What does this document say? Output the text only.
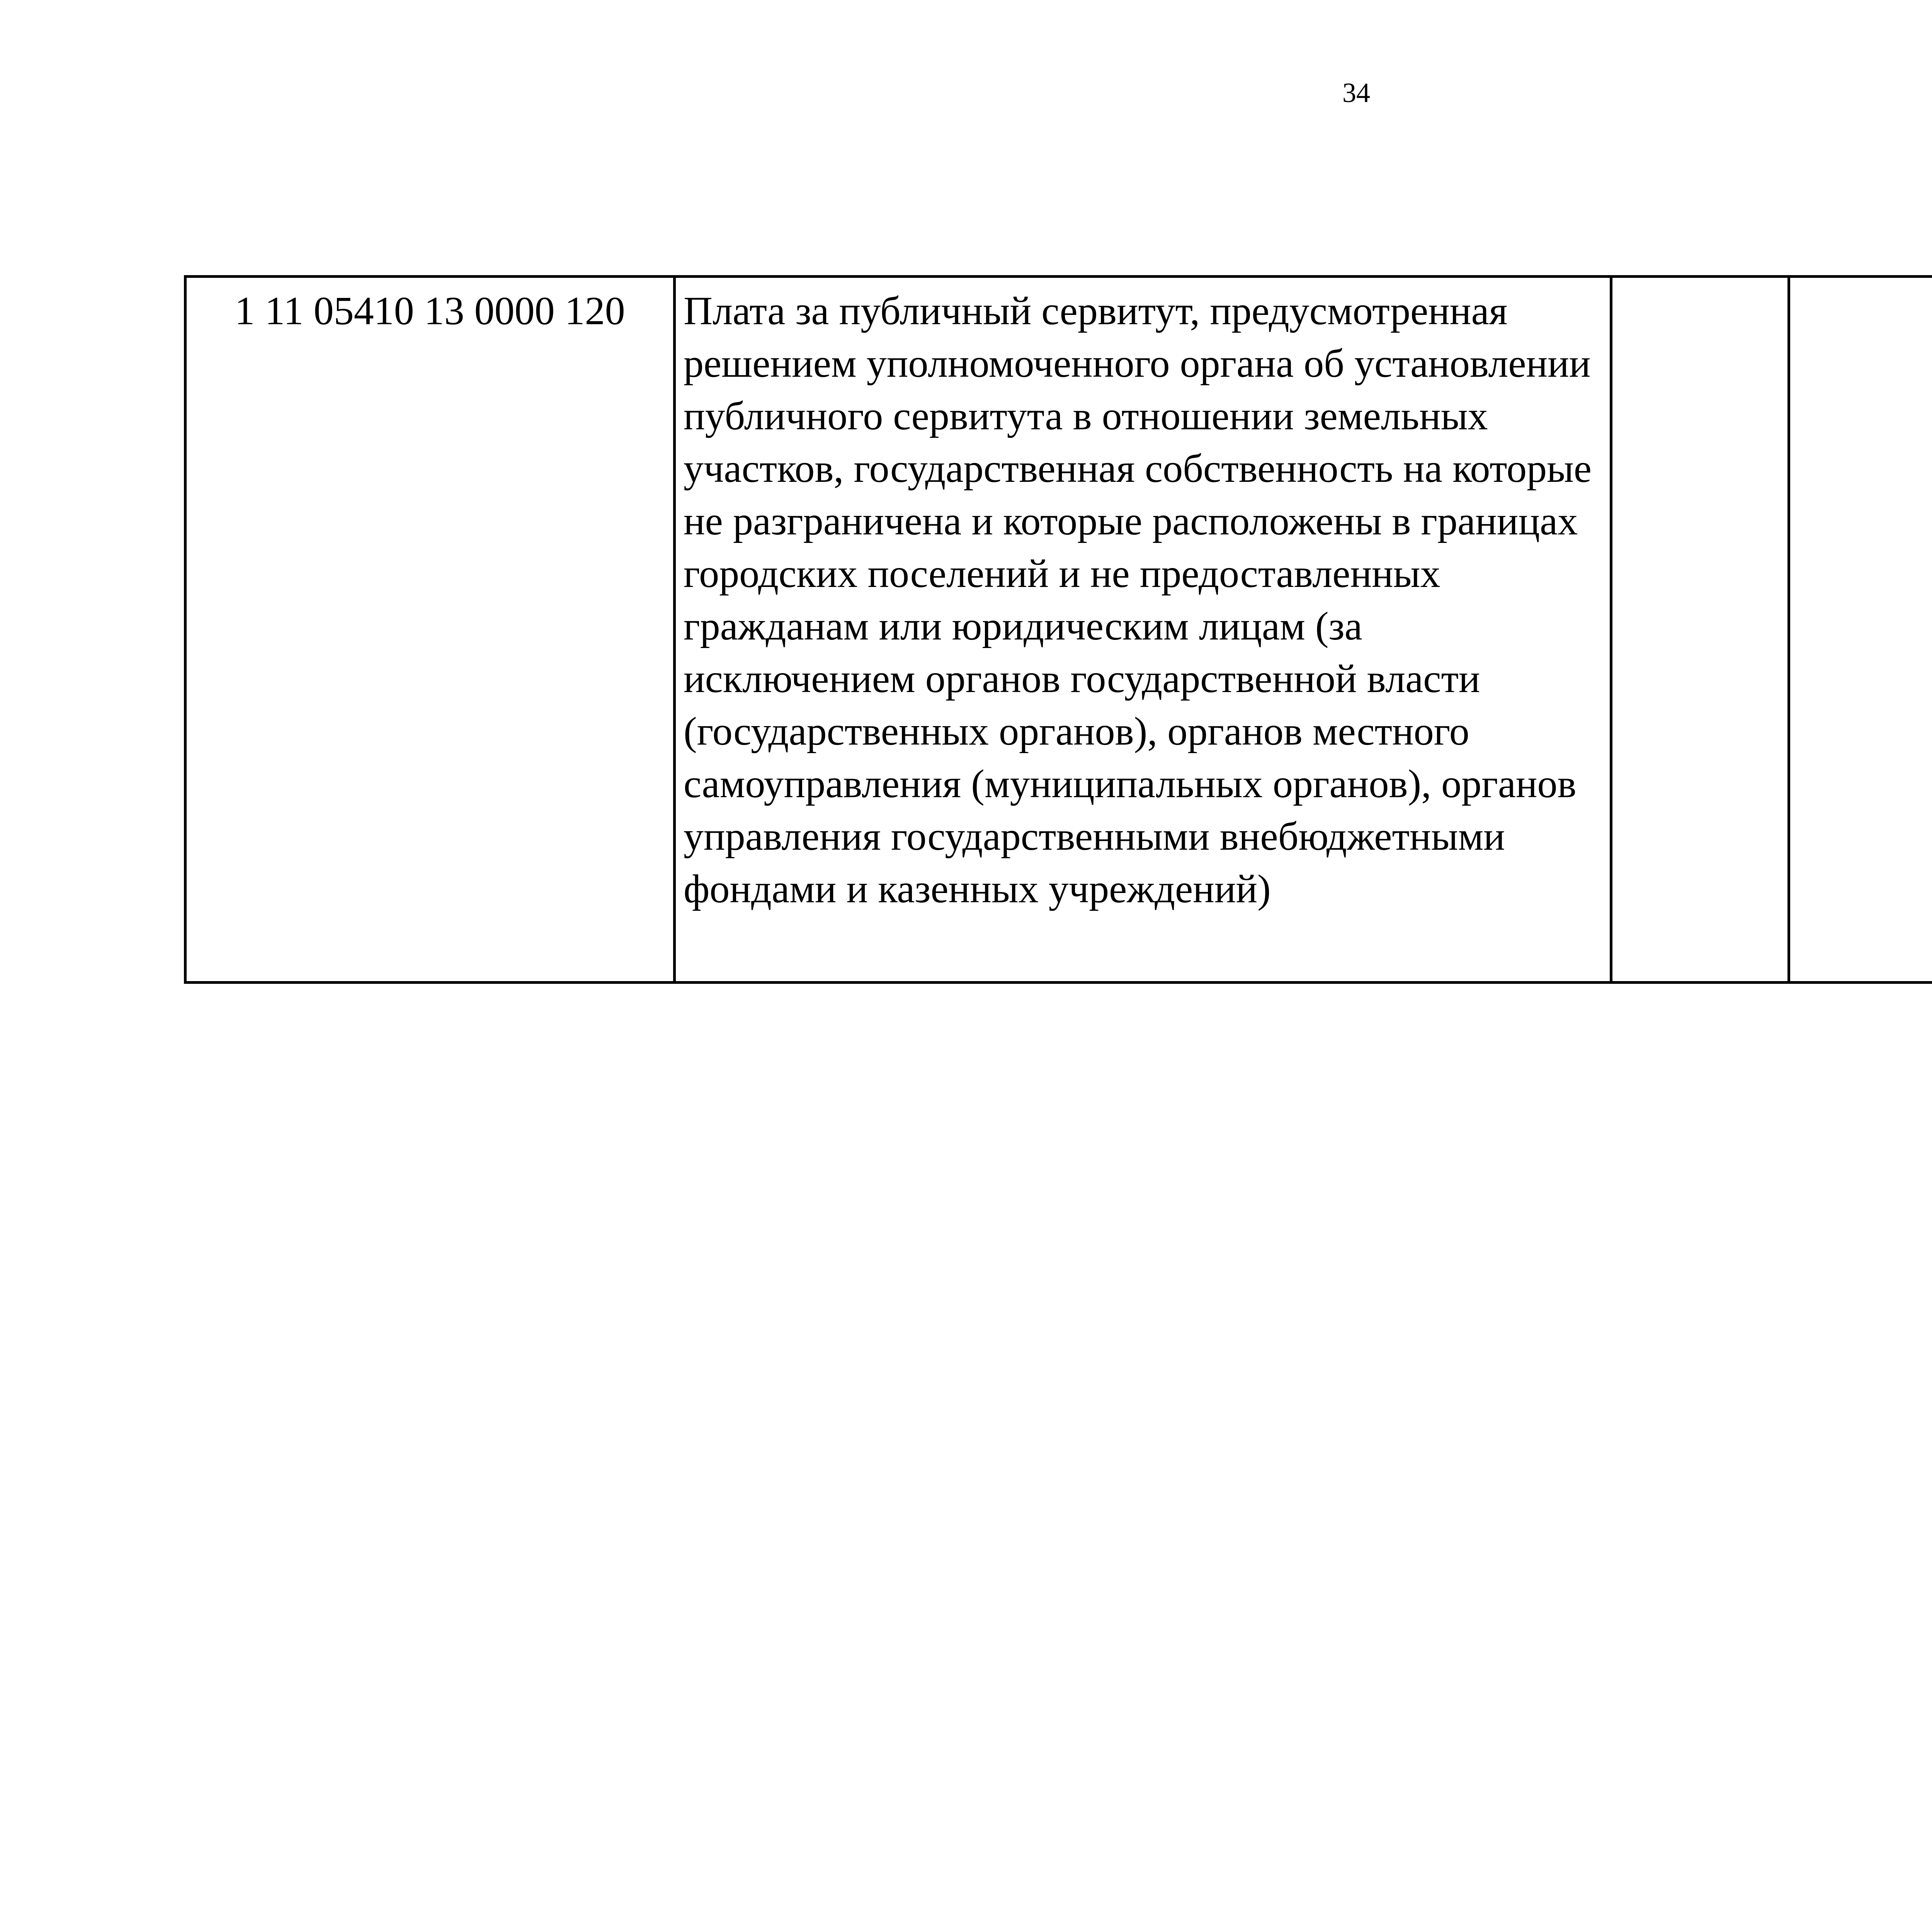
34
1 11 05410 13 0000 120	Плата за публичный сервитут, предусмотренная решением уполномоченного органа об установлении публичного сервитута в отношении земельных участков, государственная собственность на которые не разграничена и которые расположены в границах городских поселений и не предоставленных гражданам или юридическим лицам (за исключением органов государственной власти (государственных органов), органов местного самоуправления (муниципальных органов), органов управления государственными внебюджетными фондами и казенных учреждений)					
